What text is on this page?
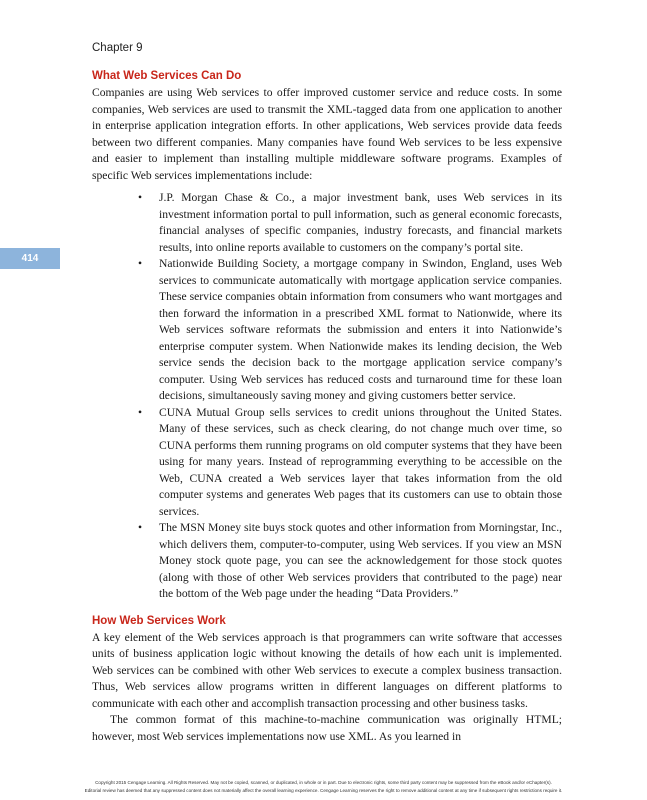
Chapter 9
414
What Web Services Can Do

Companies are using Web services to offer improved customer service and reduce costs. In some companies, Web services are used to transmit the XML-tagged data from one application to another in enterprise application integration efforts. In other applications, Web services provide data feeds between two different companies. Many companies have found Web services to be less expensive and easier to implement than installing multiple middleware software programs. Examples of specific Web services implementations include:

• J.P. Morgan Chase & Co., a major investment bank, uses Web services in its investment information portal to pull information, such as general economic forecasts, financial analyses of specific companies, industry forecasts, and financial markets results, into online reports available to customers on the company’s portal site.
• Nationwide Building Society, a mortgage company in Swindon, England, uses Web services to communicate automatically with mortgage application service companies. These service companies obtain information from consumers who want mortgages and then forward the information in a prescribed XML format to Nationwide, where its Web services software reformats the submission and enters it into Nationwide’s enterprise computer system. When Nationwide makes its lending decision, the Web service sends the decision back to the mortgage application service company’s computer. Using Web services has reduced costs and turnaround time for these loan decisions, simultaneously saving money and giving customers better service.
• CUNA Mutual Group sells services to credit unions throughout the United States. Many of these services, such as check clearing, do not change much over time, so CUNA performs them running programs on old computer systems that they have been using for many years. Instead of reprogramming everything to be accessible on the Web, CUNA created a Web services layer that takes information from the old computer systems and generates Web pages that its customers can use to obtain those services.
• The MSN Money site buys stock quotes and other information from Morningstar, Inc., which delivers them, computer-to-computer, using Web services. If you view an MSN Money stock quote page, you can see the acknowledgement for those stock quotes (along with those of other Web services providers that contributed to the page) near the bottom of the Web page under the heading “Data Providers.”
How Web Services Work

A key element of the Web services approach is that programmers can write software that accesses units of business application logic without knowing the details of how each unit is implemented. Web services can be combined with other Web services to execute a complex business transaction. Thus, Web services allow programs written in different languages on different platforms to communicate with each other and accomplish transaction processing and other business tasks.

The common format of this machine-to-machine communication was originally HTML; however, most Web services implementations now use XML. As you learned in

Copyright 2015 Cengage Learning. All Rights Reserved. May not be copied, scanned, or duplicated, in whole or in part. Due to electronic rights, some third party content may be suppressed from the eBook and/or eChapter(s).
Editorial review has deemed that any suppressed content does not materially affect the overall learning experience. Cengage Learning reserves the right to remove additional content at any time if subsequent rights restrictions require it.
